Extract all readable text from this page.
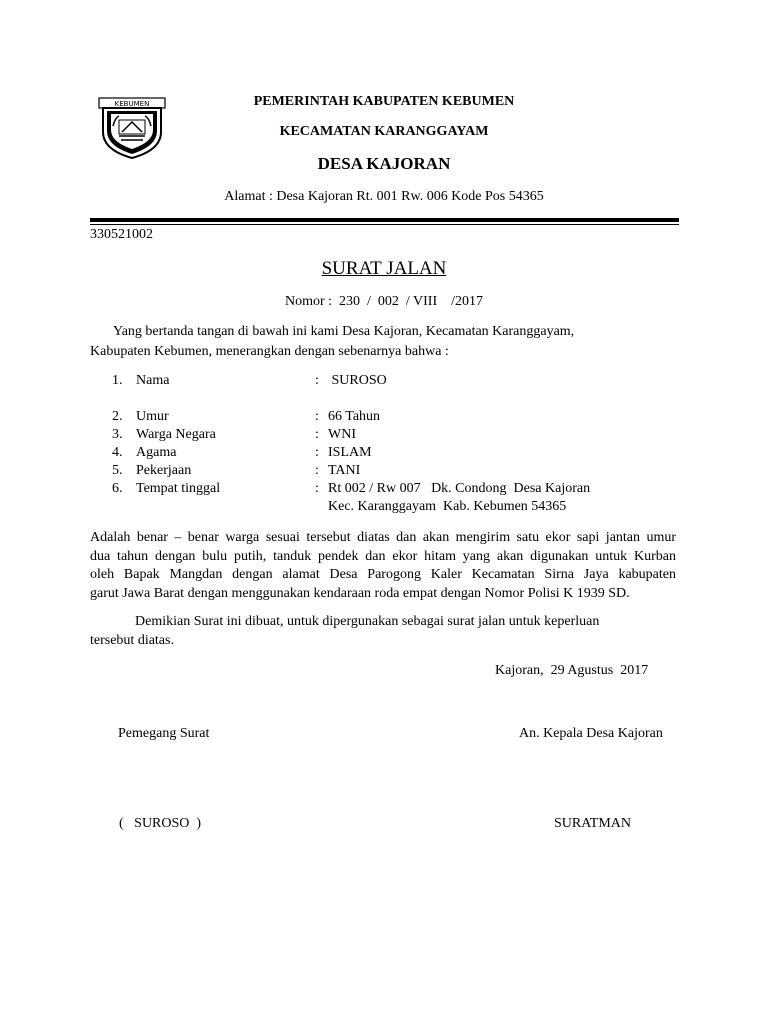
KEBUMEN	PEMERINTAH KABUPATEN KEBUMEN
KECAMATAN KARANGGAYAM
DESA KAJORAN
Alamat : Desa Kajoran Rt. 001 Rw. 006 Kode Pos 54365
330521002
SURAT JALAN
Nomor :  230  /  002  / VIII    /2017
Yang bertanda tangan di bawah ini kami Desa Kajoran, Kecamatan Karanggayam,
Kabupaten Kebumen, menerangkan dengan sebenarnya bahwa :
1. Nama	: SUROSO
2. Umur	: 66 Tahun
3. Warga Negara	: WNI
4. Agama	: ISLAM
5. Pekerjaan	: TANI
6. Tempat tinggal	: Rt 002 / Rw 007   Dk. Condong  Desa Kajoran
Kec. Karanggayam  Kab. Kebumen 54365
Adalah benar – benar warga sesuai tersebut diatas dan akan mengirim satu ekor sapi jantan umur
dua tahun dengan bulu putih, tanduk pendek dan ekor hitam yang akan digunakan untuk Kurban
oleh Bapak Mangdan dengan alamat Desa Parogong Kaler Kecamatan Sirna Jaya kabupaten
garut Jawa Barat dengan menggunakan kendaraan roda empat dengan Nomor Polisi K 1939 SD.
Demikian Surat ini dibuat, untuk dipergunakan sebagai surat jalan untuk keperluan
tersebut diatas.
Kajoran,  29 Agustus  2017
Pemegang Surat	An. Kepala Desa Kajoran
(   SUROSO  )	SURATMAN
